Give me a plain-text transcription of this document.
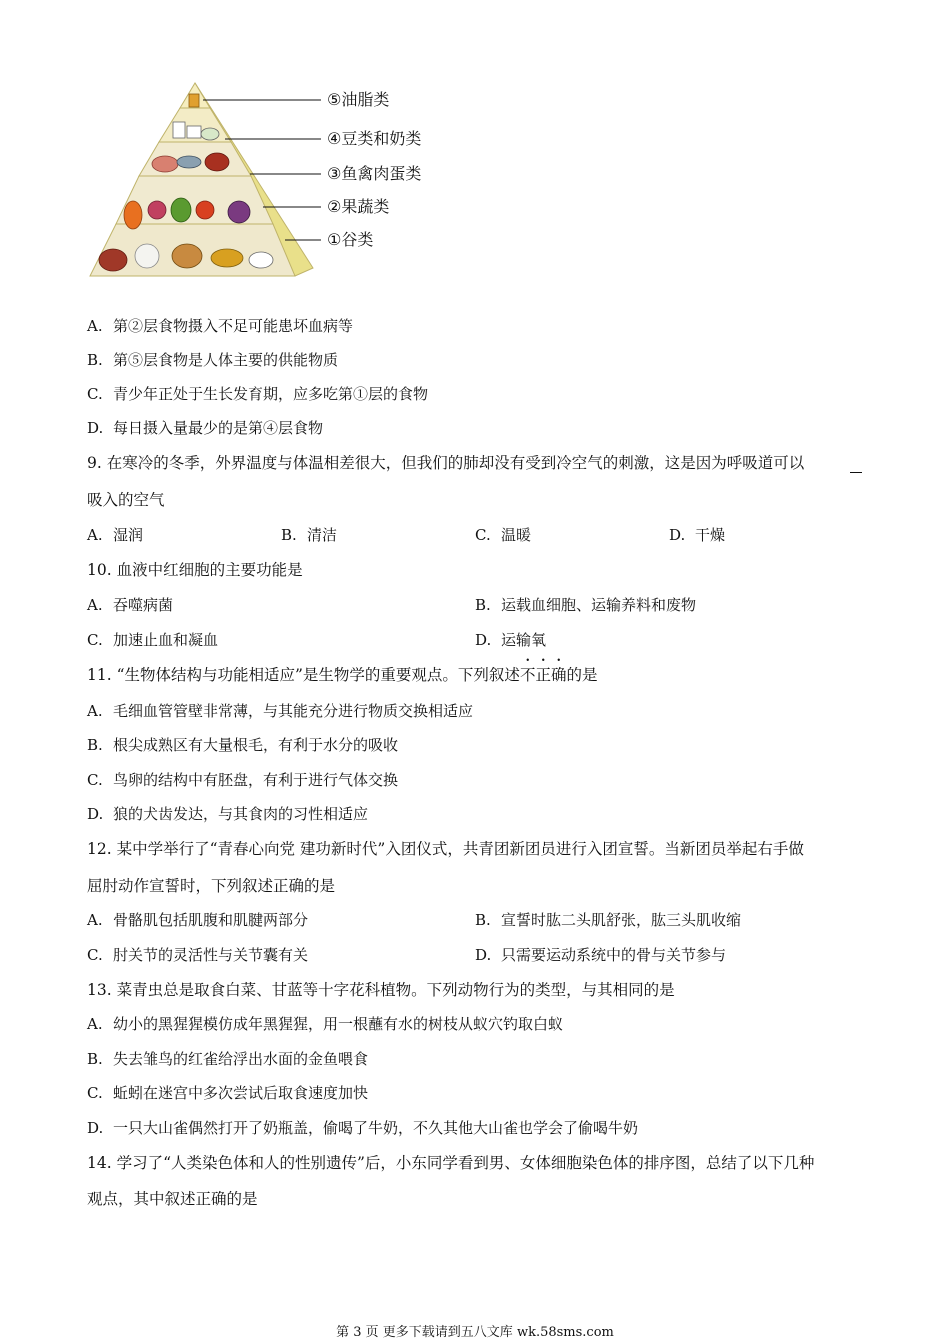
⑤油脂类
④豆类和奶类
③鱼禽肉蛋类
②果蔬类
①谷类
A. 第②层食物摄入不足可能患坏血病等
B. 第⑤层食物是人体主要的供能物质
C. 青少年正处于生长发育期，应多吃第①层的食物
D. 每日摄入量最少的是第④层食物
9. 在寒冷的冬季，外界温度与体温相差很大，但我们的肺却没有受到冷空气的刺激，这是因为呼吸道可以
吸入的空气
A. 湿润	B. 清洁	C. 温暖	D. 干燥
10. 血液中红细胞的主要功能是
A. 吞噬病菌	B. 运载血细胞、运输养料和废物
C. 加速止血和凝血	D. 运输氧
11. “生物体结构与功能相适应”是生物学的重要观点。下列叙述不正确的是
A. 毛细血管管壁非常薄，与其能充分进行物质交换相适应
B. 根尖成熟区有大量根毛，有利于水分的吸收
C. 鸟卵的结构中有胚盘，有利于进行气体交换
D. 狼的犬齿发达，与其食肉的习性相适应
12. 某中学举行了“青春心向党 建功新时代”入团仪式，共青团新团员进行入团宣誓。当新团员举起右手做
屈肘动作宣誓时，下列叙述正确的是
A. 骨骼肌包括肌腹和肌腱两部分	B. 宣誓时肱二头肌舒张，肱三头肌收缩
C. 肘关节的灵活性与关节囊有关	D. 只需要运动系统中的骨与关节参与
13. 菜青虫总是取食白菜、甘蓝等十字花科植物。下列动物行为的类型，与其相同的是
A. 幼小的黑猩猩模仿成年黑猩猩，用一根蘸有水的树枝从蚁穴钓取白蚁
B. 失去雏鸟的红雀给浮出水面的金鱼喂食
C. 蚯蚓在迷宫中多次尝试后取食速度加快
D. 一只大山雀偶然打开了奶瓶盖，偷喝了牛奶，不久其他大山雀也学会了偷喝牛奶
14. 学习了“人类染色体和人的性别遗传”后，小东同学看到男、女体细胞染色体的排序图，总结了以下几种
观点，其中叙述正确的是
第 3 页 更多下载请到五八文库 wk.58sms.com
